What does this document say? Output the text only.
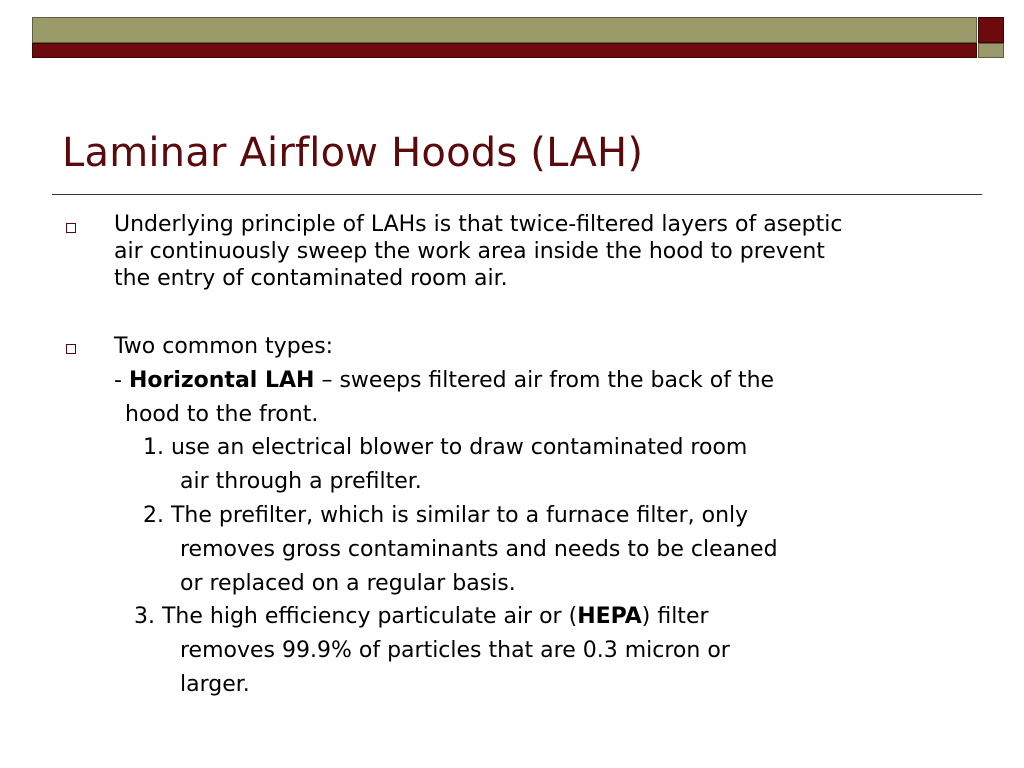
Laminar Airflow Hoods (LAH)
Underlying principle of LAHs is that twice-filtered layers of aseptic
air continuously sweep the work area inside the hood to prevent
the entry of contaminated room air.
Two common types:
- Horizontal LAH – sweeps filtered air from the back of the
hood to the front.
1. use an electrical blower to draw contaminated room
air through a prefilter.
2. The prefilter, which is similar to a furnace filter, only
removes gross contaminants and needs to be cleaned
or replaced on a regular basis.
3. The high efficiency particulate air or (HEPA) filter
removes 99.9% of particles that are 0.3 micron or
larger.
